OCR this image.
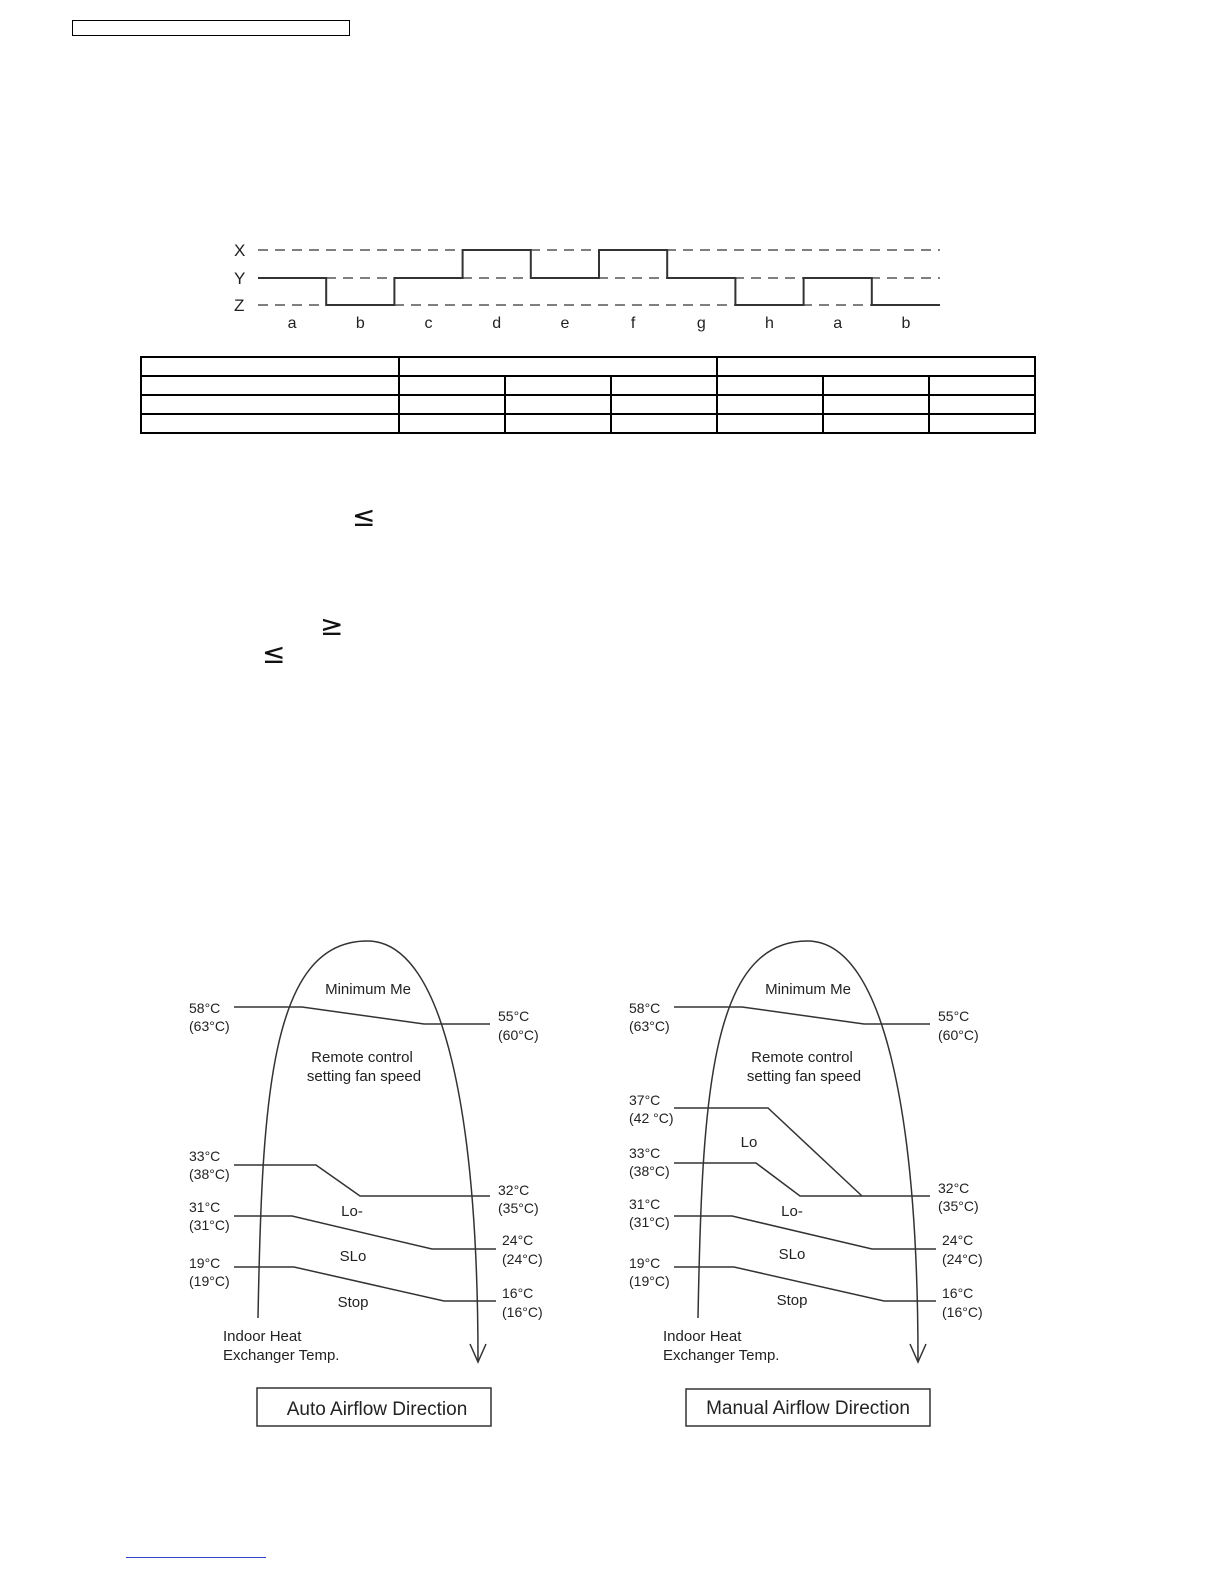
X
Y
Z
a	b	c	d	e	f	g	h	a	b

≤
≥
≤
Minimum Me
Remote control
setting fan speed
Lo-
SLo
Stop
58°C
(63°C)
33°C
(38°C)
31°C
(31°C)
19°C
(19°C)
55°C
(60°C)
32°C
(35°C)
24°C
(24°C)
16°C
(16°C)
Indoor Heat
Exchanger Temp.
Auto Airflow Direction
Minimum Me
Remote control
setting fan speed
Lo
Lo-
SLo
Stop
58°C
(63°C)
37°C
(42 °C)
33°C
(38°C)
31°C
(31°C)
19°C
(19°C)
55°C
(60°C)
32°C
(35°C)
24°C
(24°C)
16°C
(16°C)
Indoor Heat
Exchanger Temp.
Manual Airflow Direction
